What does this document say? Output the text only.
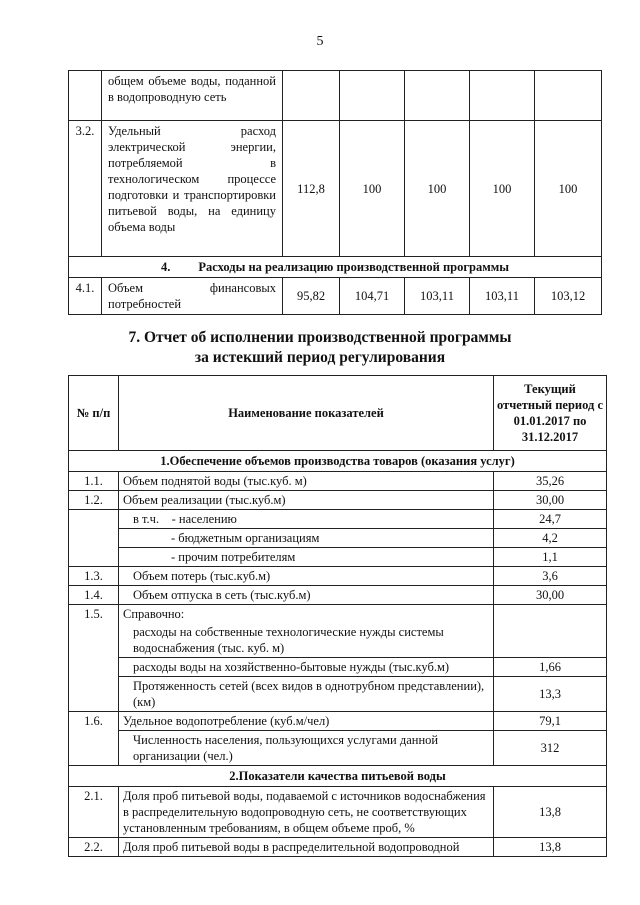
5
	общем объеме воды, поданной в водопроводную сеть					
3.2.	Удельный расход электрической энергии, потребляемой в технологическом процессе подготовки и транспортировки питьевой воды, на единицу объема воды	112,8	100	100	100	100
4. Расходы на реализацию производственной программы						
4.1.	Объем финансовых потребностей	95,82	104,71	103,11	103,11	103,12
7. Отчет об исполнении производственной программы
за истекший период регулирования
№ п/п	Наименование показателей	Текущий отчетный период с 01.01.2017 по 31.12.2017
1.Обеспечение объемов производства товаров (оказания услуг)		
1.1.	Объем поднятой воды (тыс.куб. м)	35,26
1.2.	Объем реализации (тыс.куб.м)	30,00
	в т.ч.    - населению	24,7
	- бюджетным организациям	4,2
	- прочим потребителям	1,1
1.3.	Объем потерь (тыс.куб.м)	3,6
1.4.	Объем отпуска в сеть (тыс.куб.м)	30,00
1.5.	Справочно:	
	расходы на собственные технологические нужды системы водоснабжения (тыс. куб. м)	
	расходы воды на хозяйственно-бытовые нужды (тыс.куб.м)	1,66
	Протяженность сетей (всех видов в однотрубном представлении), (км)	13,3
1.6.	Удельное водопотребление (куб.м/чел)	79,1
	Численность населения, пользующихся услугами данной организации (чел.)	312
2.Показатели качества питьевой воды		
2.1.	Доля проб питьевой воды, подаваемой с источников водоснабжения в распределительную водопроводную сеть, не соответствующих установленным требованиям, в общем объеме проб, %	13,8
2.2.	Доля проб питьевой воды в распределительной водопроводной	13,8
